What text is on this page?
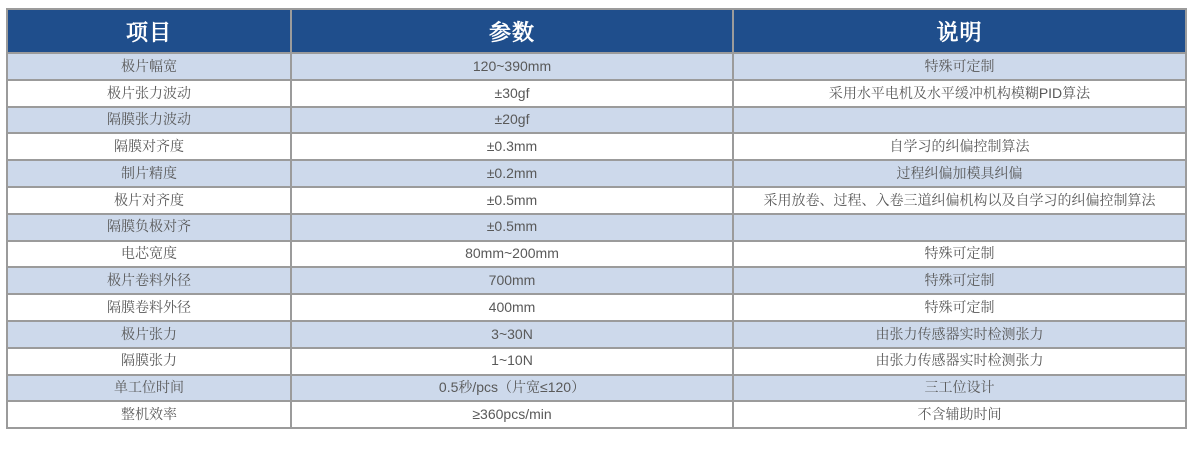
项目	参数	说明
极片幅宽	120~390mm	特殊可定制
极片张力波动	±30gf	采用水平电机及水平缓冲机构模糊PID算法
隔膜张力波动	±20gf	
隔膜对齐度	±0.3mm	自学习的纠偏控制算法
制片精度	±0.2mm	过程纠偏加模具纠偏
极片对齐度	±0.5mm	采用放卷、过程、入卷三道纠偏机构以及自学习的纠偏控制算法
隔膜负极对齐	±0.5mm	
电芯宽度	80mm~200mm	特殊可定制
极片卷料外径	700mm	特殊可定制
隔膜卷料外径	400mm	特殊可定制
极片张力	3~30N	由张力传感器实时检测张力
隔膜张力	1~10N	由张力传感器实时检测张力
单工位时间	0.5秒/pcs（片宽≤120）	三工位设计
整机效率	≥360pcs/min	不含辅助时间
